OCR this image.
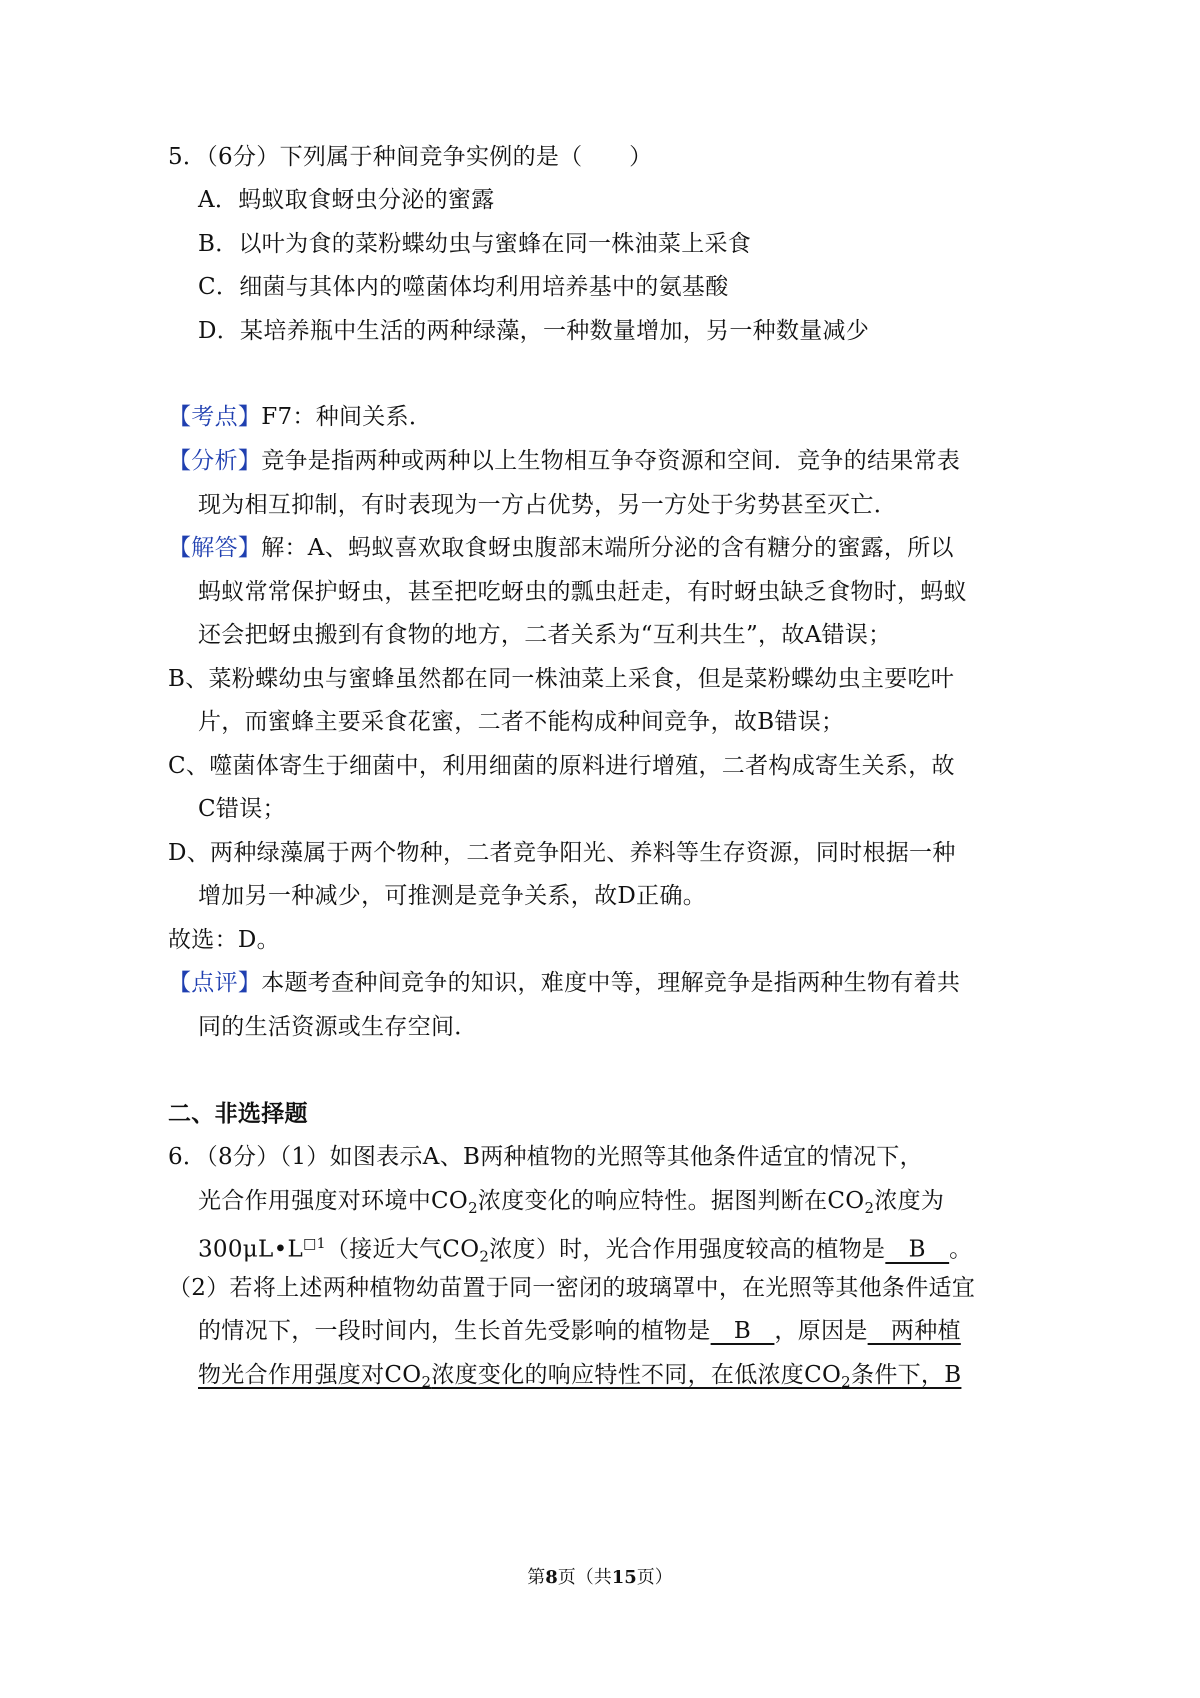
5．（6分）下列属于种间竞争实例的是（　　）
A．蚂蚁取食蚜虫分泌的蜜露
B．以叶为食的菜粉蝶幼虫与蜜蜂在同一株油菜上采食
C．细菌与其体内的噬菌体均利用培养基中的氨基酸
D．某培养瓶中生活的两种绿藻，一种数量增加，另一种数量减少
【考点】F7：种间关系．
【分析】竞争是指两种或两种以上生物相互争夺资源和空间．竞争的结果常表
现为相互抑制，有时表现为一方占优势，另一方处于劣势甚至灭亡．
【解答】解：A、蚂蚁喜欢取食蚜虫腹部末端所分泌的含有糖分的蜜露，所以
蚂蚁常常保护蚜虫，甚至把吃蚜虫的瓢虫赶走，有时蚜虫缺乏食物时，蚂蚁
还会把蚜虫搬到有食物的地方，二者关系为“互利共生”，故A错误；
B、菜粉蝶幼虫与蜜蜂虽然都在同一株油菜上采食，但是菜粉蝶幼虫主要吃叶
片，而蜜蜂主要采食花蜜，二者不能构成种间竞争，故B错误；
C、噬菌体寄生于细菌中，利用细菌的原料进行增殖，二者构成寄生关系，故
C错误；
D、两种绿藻属于两个物种，二者竞争阳光、养料等生存资源，同时根据一种
增加另一种减少，可推测是竞争关系，故D正确。
故选：D。
【点评】本题考查种间竞争的知识，难度中等，理解竞争是指两种生物有着共
同的生活资源或生存空间．
二、非选择题
6．（8分）（1）如图表示A、B两种植物的光照等其他条件适宜的情况下，
光合作用强度对环境中$CO_2$浓度变化的响应特性。据图判断在$CO_2$浓度为
$300\mu L•L^{□1}$（接近大气$CO_2$浓度）时，光合作用强度较高的植物是　B　。
（2）若将上述两种植物幼苗置于同一密闭的玻璃罩中，在光照等其他条件适宜
的情况下，一段时间内，生长首先受影响的植物是　B　，原因是　两种植
物光合作用强度对$CO_2$浓度变化的响应特性不同，在低浓度$CO_2$条件下，B
第8页（共15页）
